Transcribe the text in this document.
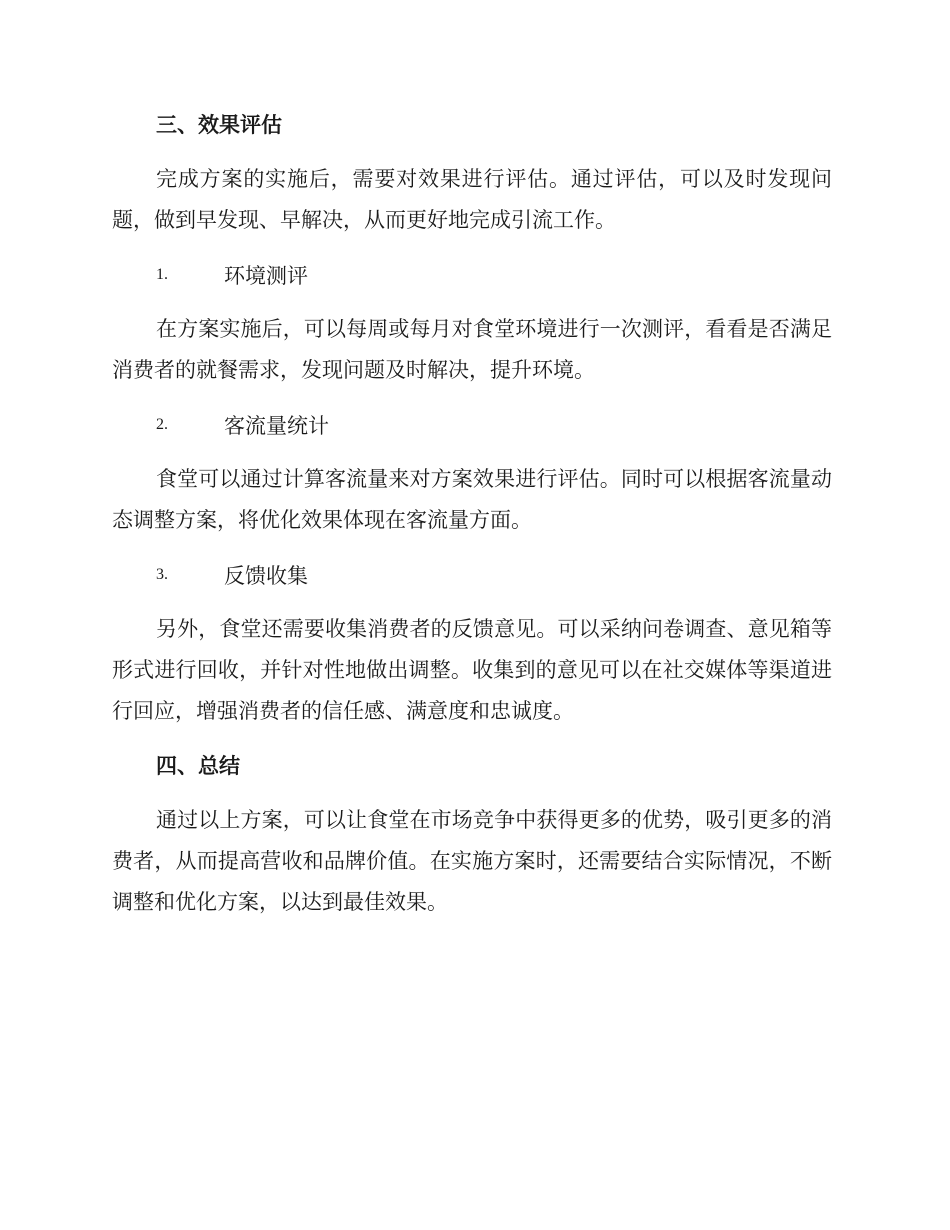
三、效果评估

完成方案的实施后，需要对效果进行评估。通过评估，可以及时发现问题，做到早发现、早解决，从而更好地完成引流工作。

1.	环境测评

在方案实施后，可以每周或每月对食堂环境进行一次测评，看看是否满足消费者的就餐需求，发现问题及时解决，提升环境。

2.	客流量统计

食堂可以通过计算客流量来对方案效果进行评估。同时可以根据客流量动态调整方案，将优化效果体现在客流量方面。

3.	反馈收集

另外，食堂还需要收集消费者的反馈意见。可以采纳问卷调查、意见箱等形式进行回收，并针对性地做出调整。收集到的意见可以在社交媒体等渠道进行回应，增强消费者的信任感、满意度和忠诚度。

四、总结

通过以上方案，可以让食堂在市场竞争中获得更多的优势，吸引更多的消费者，从而提高营收和品牌价值。在实施方案时，还需要结合实际情况，不断调整和优化方案，以达到最佳效果。
